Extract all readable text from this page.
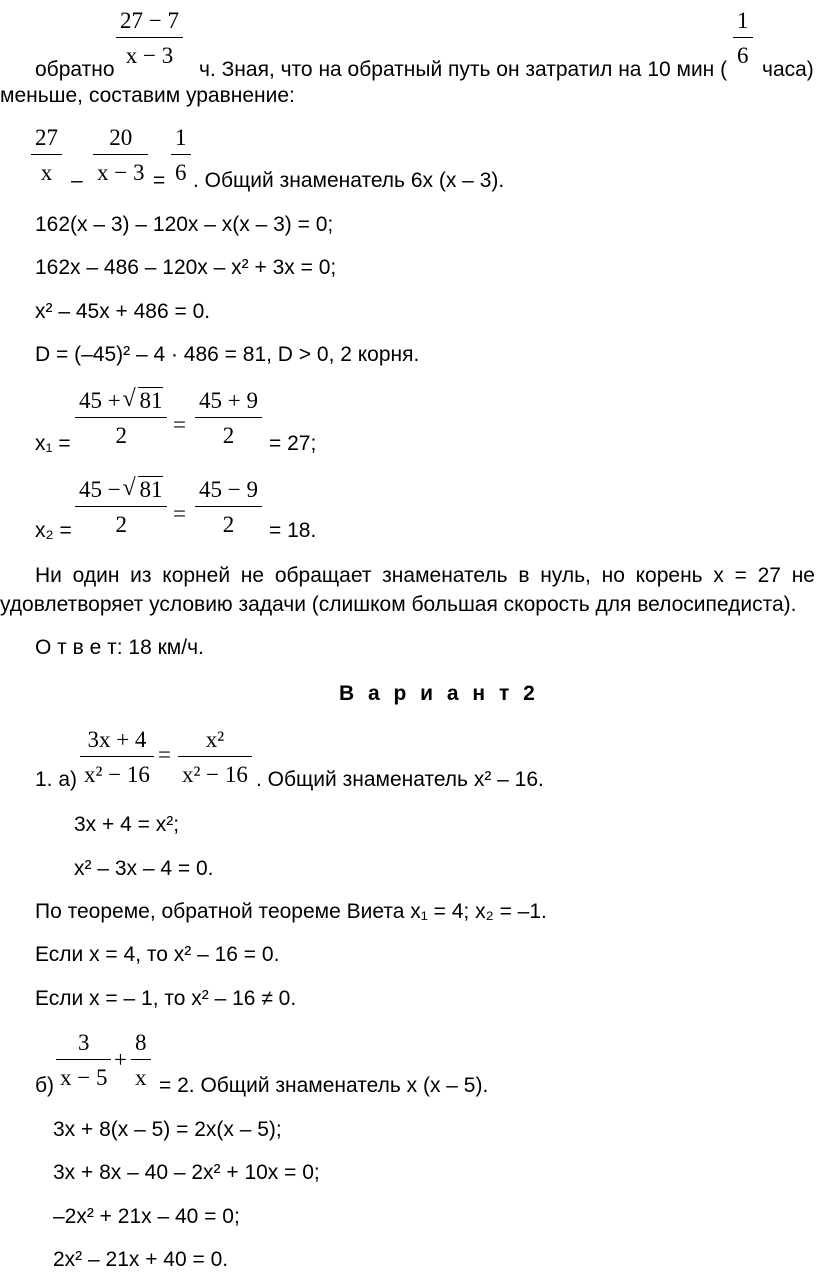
обратно
27 − 7
x − 3
ч. Зная, что на обратный путь он затратил на 10 мин (
1
6
часа)
меньше, составим уравнение:
27
x –
20
x − 3 =
1
6 . Общий знаменатель 6x (x – 3).
162(x – 3) – 120x – x(x – 3) = 0;
162x – 486 – 120x – x² + 3x = 0;
x² – 45x + 486 = 0.
D = (–45)² – 4 · 486 = 81, D > 0, 2 корня.
x₁ =
45 + √ 81
2 =
45 + 9
2 = 27;
x₂ =
45 − √ 81
2 =
45 − 9
2 = 18.
Ни один из корней не обращает знаменатель в нуль, но корень x = 27 не
удовлетворяет условию задачи (слишком большая скорость для велосипедиста).
О т в е т: 18 км/ч.
В а р и а н т 2
1. а)
3x + 4
x² − 16
=
x²
x² − 16 . Общий знаменатель x² – 16.
3x + 4 = x²;
x² – 3x – 4 = 0.
По теореме, обратной теореме Виета x₁ = 4; x₂ = –1.
Если x = 4, то x² – 16 = 0.
Если x = – 1, то x² – 16 ≠ 0.
б)
3
x − 5
+
8
x = 2. Общий знаменатель x (x – 5).
3x + 8(x – 5) = 2x(x – 5);
3x + 8x – 40 – 2x² + 10x = 0;
–2x² + 21x – 40 = 0;
2x² – 21x + 40 = 0.
